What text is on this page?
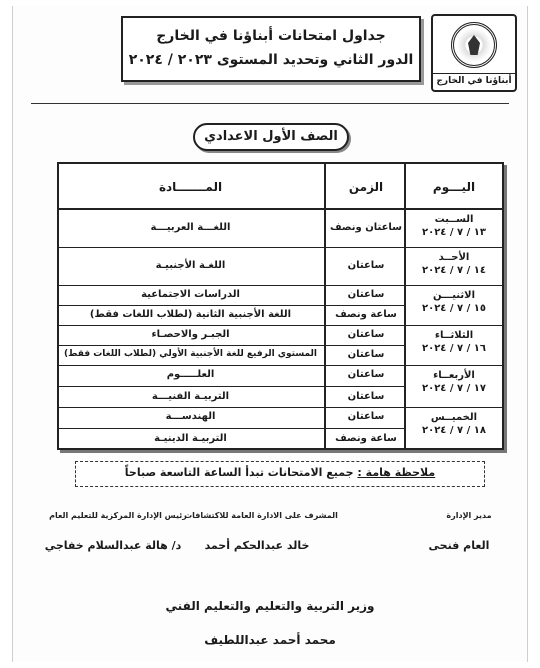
أبناؤنا في الخارج
جداول امتحانات أبناؤنا في الخارج
الدور الثاني وتحديد المستوى ٢٠٢٣ / ٢٠٢٤
الصف الأول الاعدادي
اليـــوم
الزمن
المـــــــادة
الســبت
١٣ / ٧ / ٢٠٢٤
ساعتان ونصف
اللغـــة العربيـــة
الأحــد
١٤ / ٧ / ٢٠٢٤
ساعتان
اللغـة الأجنبيـة
الاثنيـــن
١٥ / ٧ / ٢٠٢٤
ساعتان
الدراسات الاجتماعية
ساعة ونصف
اللغة الأجنبية الثانية (لطلاب اللغات فقط)
الثلاثــاء
١٦ / ٧ / ٢٠٢٤
ساعتان
الجبـر والاحصـاء
ساعتان
المستوي الرفيع للغة الأجنبية الأولي (لطلاب اللغات فقط)
الأربعــاء
١٧ / ٧ / ٢٠٢٤
ساعتان
العلـــــوم
ساعتان
التربيـة الفنيـــة
الخميــس
١٨ / ٧ / ٢٠٢٤
ساعتان
الهندســـة
ساعة ونصف
التربيـة الدينيـة
ملاحظة هامة : جميع الامتحانات تبدأ الساعة التاسعة صباحاً
مدير الإدارة
المشرف على الادارة العامة للاكتشافات
رئيس الإدارة المركزية للتعليم العام
العام فنحى
خالد عبدالحكم أحمد
د/ هالة عبدالسلام خفاجي
وزير التربية والتعليم والتعليم الفني
محمد أحمد عبداللطيف
